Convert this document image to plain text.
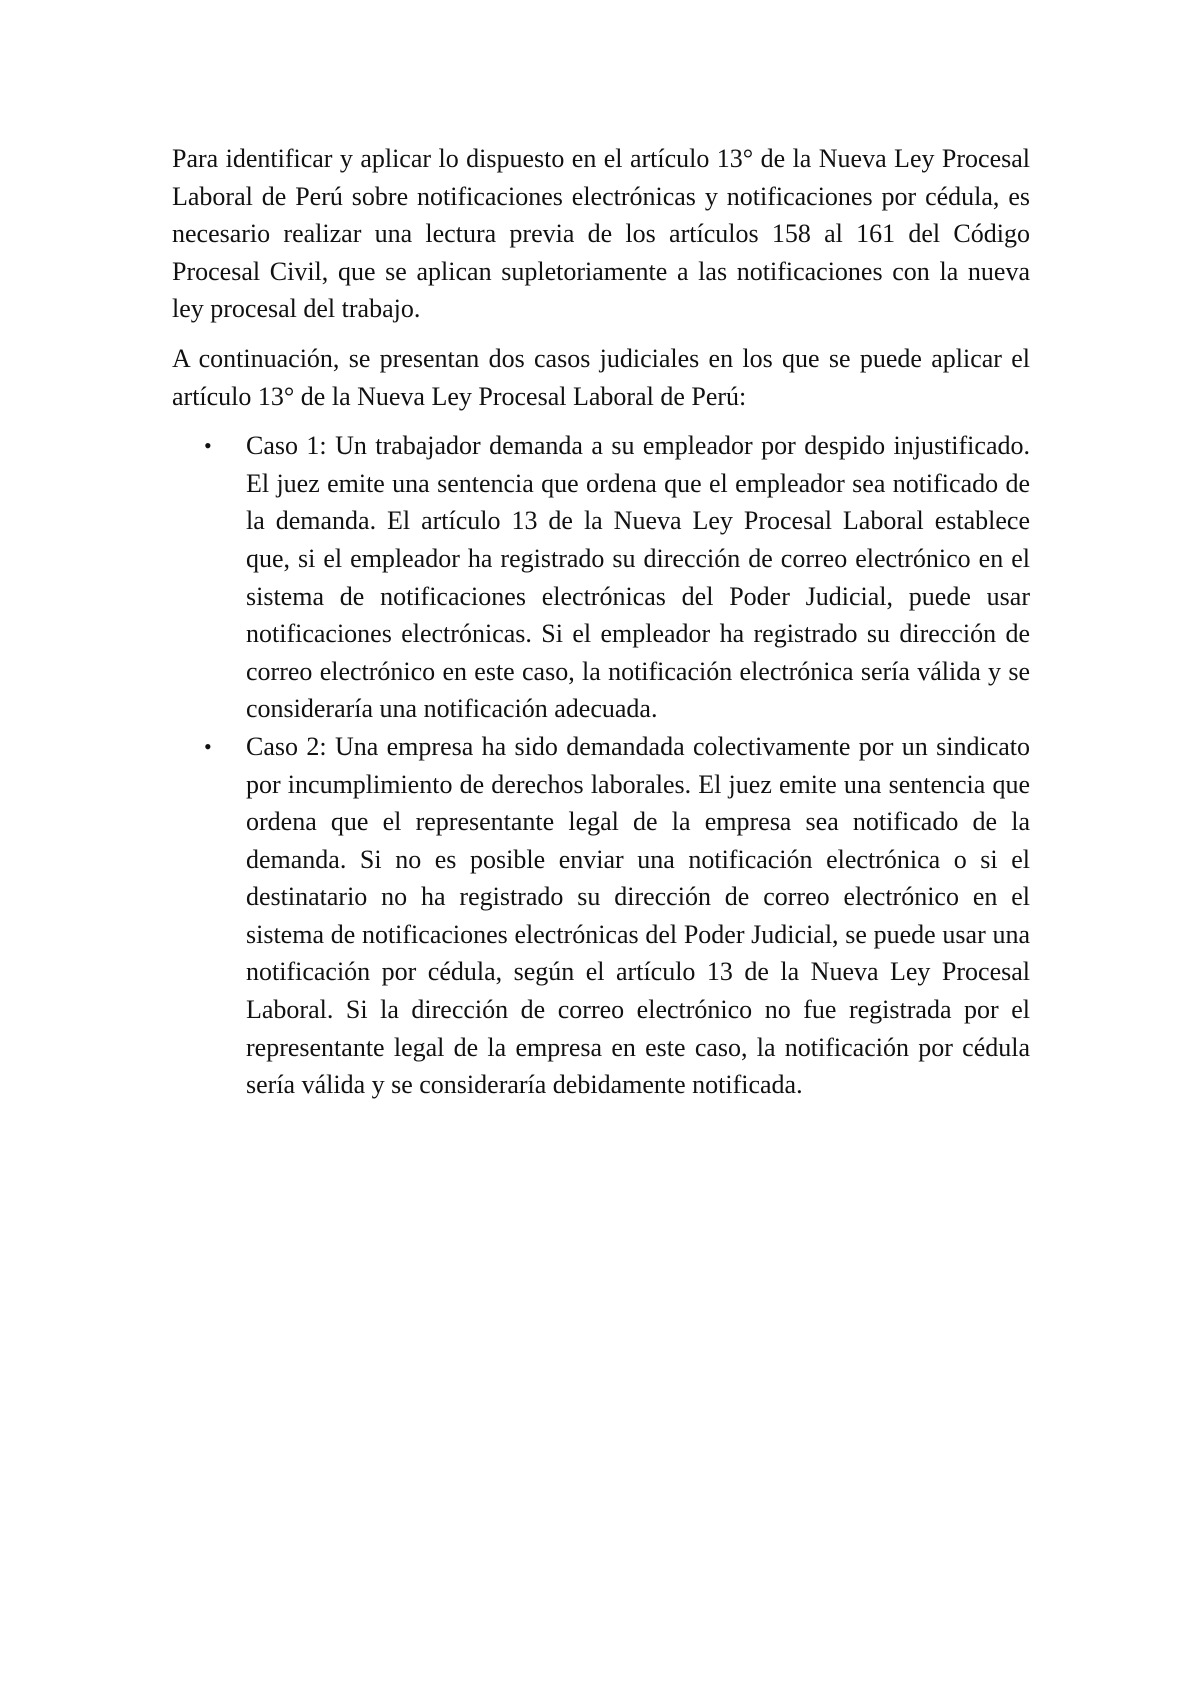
Para identificar y aplicar lo dispuesto en el artículo 13° de la Nueva Ley Procesal Laboral de Perú sobre notificaciones electrónicas y notificaciones por cédula, es necesario realizar una lectura previa de los artículos 158 al 161 del Código Procesal Civil, que se aplican supletoriamente a las notificaciones con la nueva ley procesal del trabajo.

A continuación, se presentan dos casos judiciales en los que se puede aplicar el artículo 13° de la Nueva Ley Procesal Laboral de Perú:

• Caso 1: Un trabajador demanda a su empleador por despido injustificado. El juez emite una sentencia que ordena que el empleador sea notificado de la demanda. El artículo 13 de la Nueva Ley Procesal Laboral establece que, si el empleador ha registrado su dirección de correo electrónico en el sistema de notificaciones electrónicas del Poder Judicial, puede usar notificaciones electrónicas. Si el empleador ha registrado su dirección de correo electrónico en este caso, la notificación electrónica sería válida y se consideraría una notificación adecuada.
• Caso 2: Una empresa ha sido demandada colectivamente por un sindicato por incumplimiento de derechos laborales. El juez emite una sentencia que ordena que el representante legal de la empresa sea notificado de la demanda. Si no es posible enviar una notificación electrónica o si el destinatario no ha registrado su dirección de correo electrónico en el sistema de notificaciones electrónicas del Poder Judicial, se puede usar una notificación por cédula, según el artículo 13 de la Nueva Ley Procesal Laboral. Si la dirección de correo electrónico no fue registrada por el representante legal de la empresa en este caso, la notificación por cédula sería válida y se consideraría debidamente notificada.
